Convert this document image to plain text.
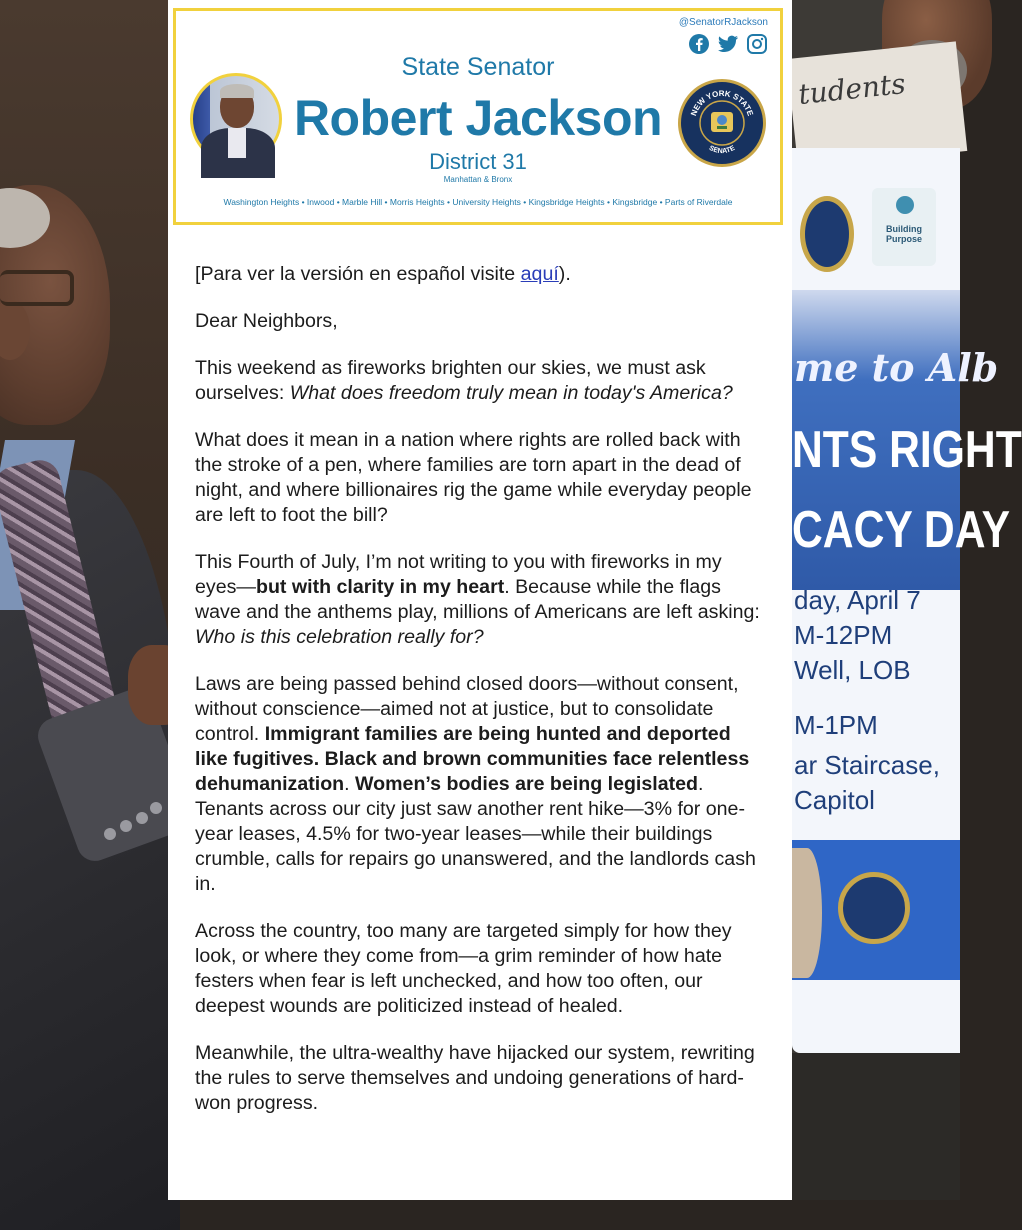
tudents
Building Purpose
me to Alb
NTS RIGHT
CACY DAY
day, April 7
M-12PM
Well, LOB
M-1PM
ar Staircase,
Capitol
@SenatorRJackson
State Senator
Robert Jackson
District 31
Manhattan & Bronx
Washington Heights • Inwood • Marble Hill • Morris Heights • University Heights • Kingsbridge Heights • Kingsbridge • Parts of Riverdale
NEW YORK STATE
SENATE

[Para ver la versión en español visite aquí).

Dear Neighbors,

This weekend as fireworks brighten our skies, we must ask ourselves: What does freedom truly mean in today's America?

What does it mean in a nation where rights are rolled back with the stroke of a pen, where families are torn apart in the dead of night, and where billionaires rig the game while everyday people are left to foot the bill?

This Fourth of July, I’m not writing to you with fireworks in my eyes—but with clarity in my heart. Because while the flags wave and the anthems play, millions of Americans are left asking: Who is this celebration really for?

Laws are being passed behind closed doors—without consent, without conscience—aimed not at justice, but to consolidate control. Immigrant families are being hunted and deported like fugitives. Black and brown communities face relentless dehumanization. Women’s bodies are being legislated. Tenants across our city just saw another rent hike—3% for one-year leases, 4.5% for two-year leases—while their buildings crumble, calls for repairs go unanswered, and the landlords cash in.

Across the country, too many are targeted simply for how they look, or where they come from—a grim reminder of how hate festers when fear is left unchecked, and how too often, our deepest wounds are politicized instead of healed.

Meanwhile, the ultra-wealthy have hijacked our system, rewriting the rules to serve themselves and undoing generations of hard-won progress.
